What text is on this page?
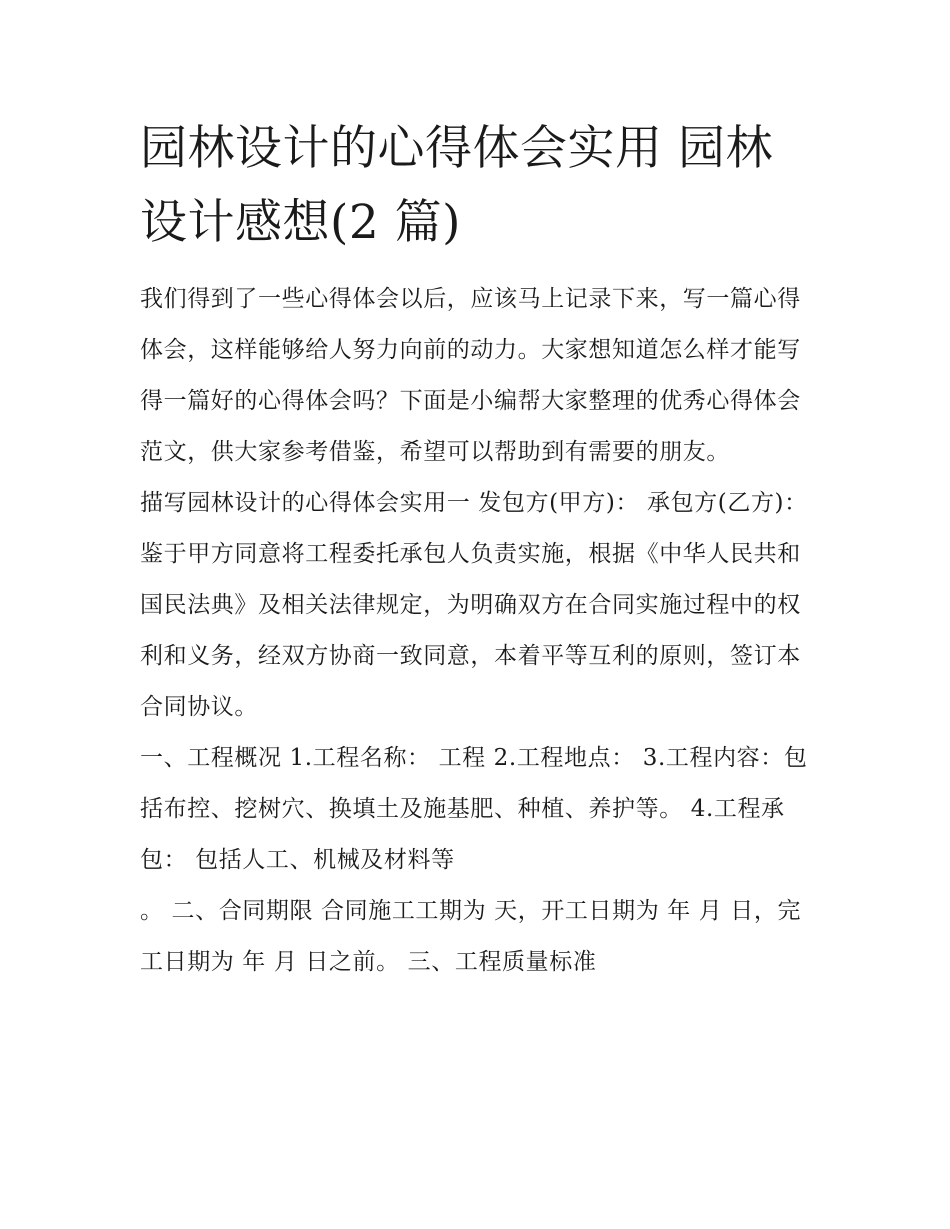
园林设计的心得体会实用 园林
设计感想(2 篇)

我们得到了一些心得体会以后，应该马上记录下来，写一篇心得体会，这样能够给人努力向前的动力。大家想知道怎么样才能写得一篇好的心得体会吗？下面是小编帮大家整理的优秀心得体会范文，供大家参考借鉴，希望可以帮助到有需要的朋友。

描写园林设计的心得体会实用一 发包方(甲方)： 承包方(乙方)：

鉴于甲方同意将工程委托承包人负责实施，根据《中华人民共和国民法典》及相关法律规定，为明确双方在合同实施过程中的权利和义务，经双方协商一致同意，本着平等互利的原则，签订本合同协议。

一、工程概况 1.工程名称： 工程 2.工程地点： 3.工程内容：包括布控、挖树穴、换填土及施基肥、种植、养护等。 4.工程承包： 包括人工、机械及材料等

。 二、合同期限 合同施工工期为 天，开工日期为 年 月 日，完工日期为 年 月 日之前。 三、工程质量标准
